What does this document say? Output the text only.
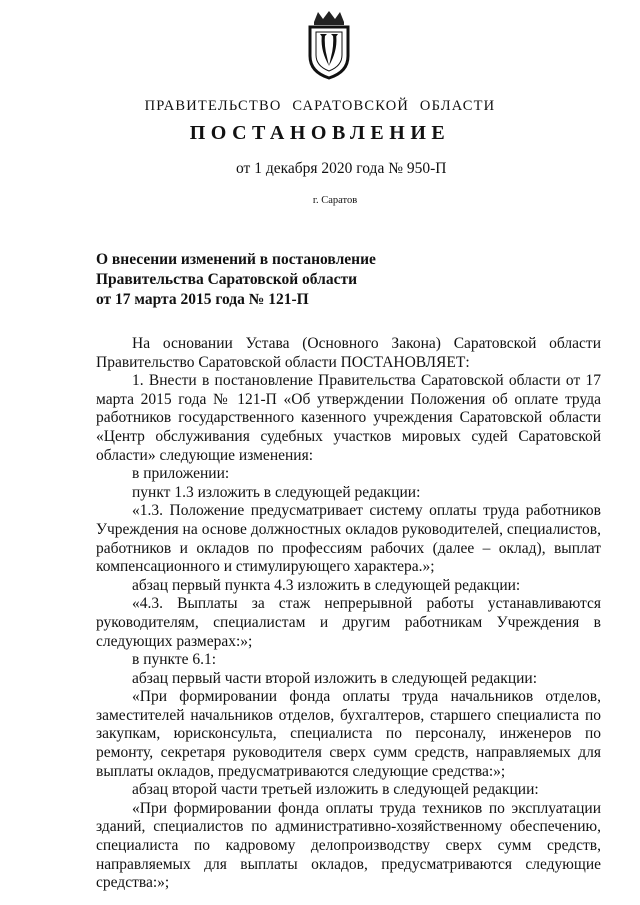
ПРАВИТЕЛЬСТВО САРАТОВСКОЙ ОБЛАСТИ
ПОСТАНОВЛЕНИЕ
от 1 декабря 2020 года № 950-П
г. Саратов
О внесении изменений в постановление
Правительства Саратовской области
от 17 марта 2015 года № 121-П

На основании Устава (Основного Закона) Саратовской области Правительство Саратовской области ПОСТАНОВЛЯЕТ:

1. Внести в постановление Правительства Саратовской области от 17 марта 2015 года № 121-П «Об утверждении Положения об оплате труда работников государственного казенного учреждения Саратовской области «Центр обслуживания судебных участков мировых судей Саратовской области» следующие изменения:

в приложении:

пункт 1.3 изложить в следующей редакции:

«1.3. Положение предусматривает систему оплаты труда работников Учреждения на основе должностных окладов руководителей, специалистов, работников и окладов по профессиям рабочих (далее – оклад), выплат компенсационного и стимулирующего характера.»;

абзац первый пункта 4.3 изложить в следующей редакции:

«4.3. Выплаты за стаж непрерывной работы устанавливаются руководителям, специалистам и другим работникам Учреждения в следующих размерах:»;

в пункте 6.1:

абзац первый части второй изложить в следующей редакции:

«При формировании фонда оплаты труда начальников отделов, заместителей начальников отделов, бухгалтеров, старшего специалиста по закупкам, юрисконсульта, специалиста по персоналу, инженеров по ремонту, секретаря руководителя сверх сумм средств, направляемых для выплаты окладов, предусматриваются следующие средства:»;

абзац второй части третьей изложить в следующей редакции:

«При формировании фонда оплаты труда техников по эксплуатации зданий, специалистов по административно-хозяйственному обеспечению, специалиста по кадровому делопроизводству сверх сумм средств, направляемых для выплаты окладов, предусматриваются следующие средства:»;
